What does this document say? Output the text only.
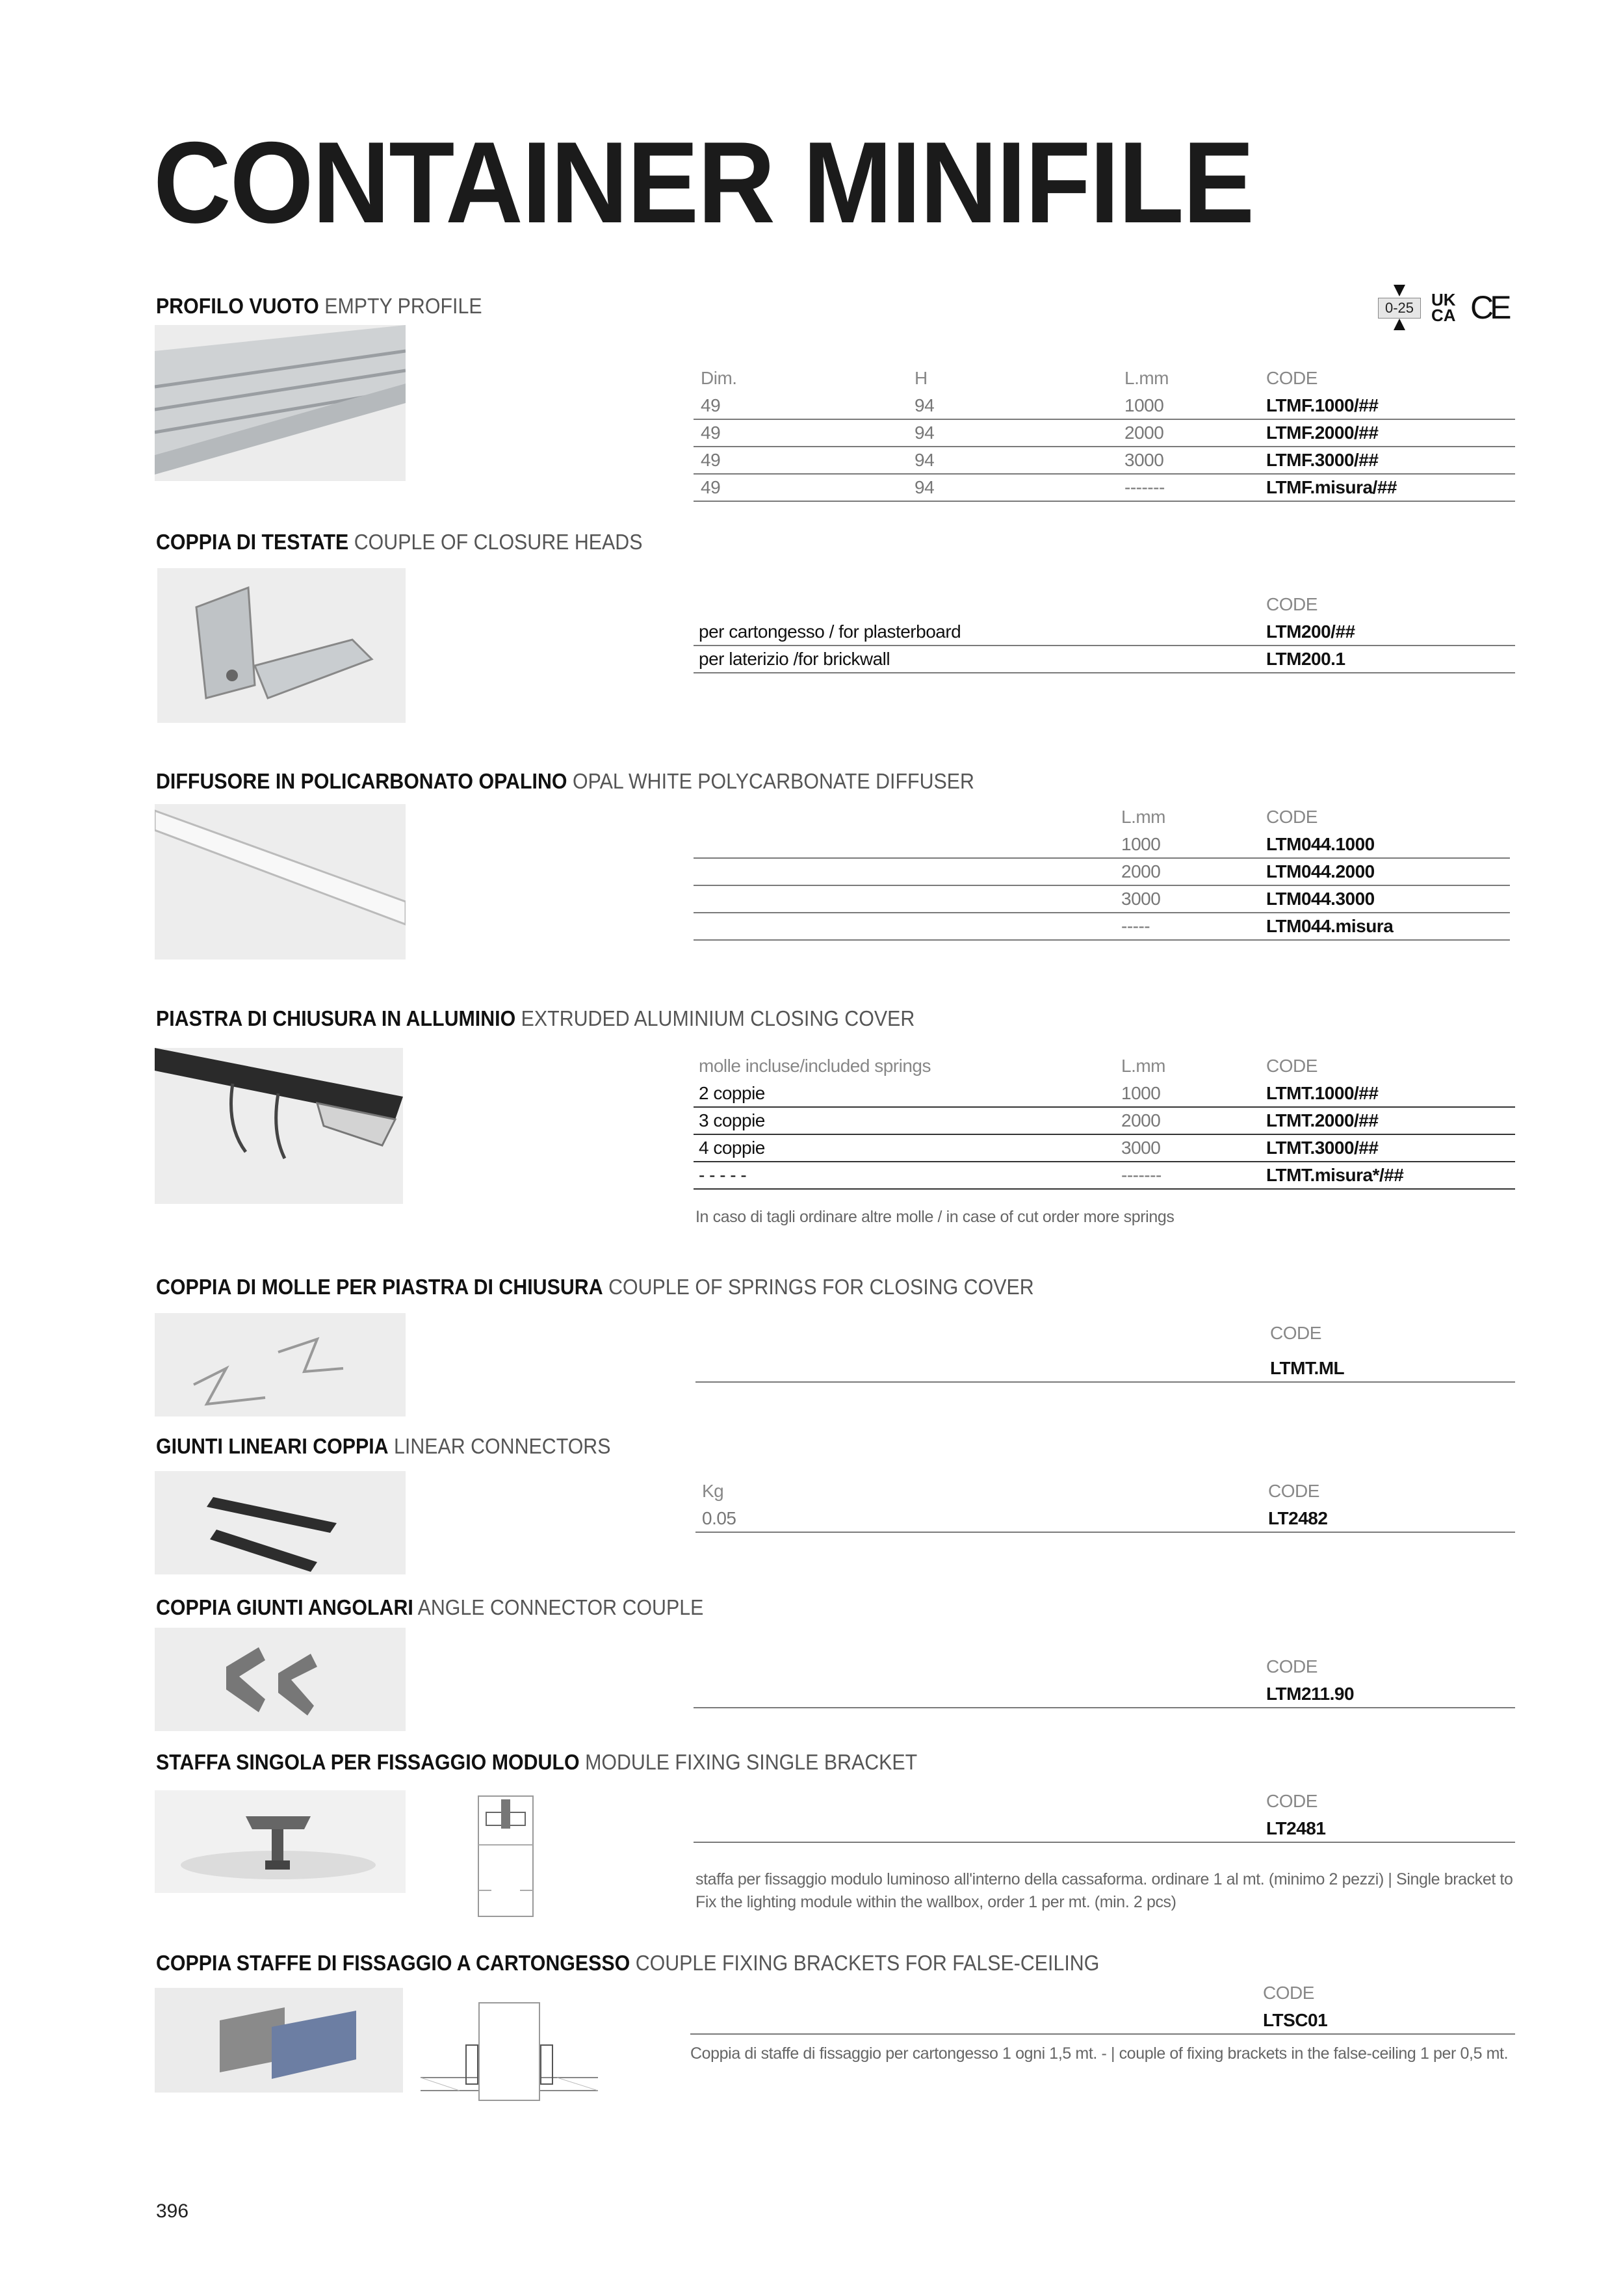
CONTAINER MINIFILE
0-25	UK
CA CE
PROFILO VUOTO EMPTY PROFILE
Dim.	H	L.mm	CODE
49	94	1000	LTMF.1000/##
49	94	2000	LTMF.2000/##
49	94	3000	LTMF.3000/##
49	94	-------	LTMF.misura/##
COPPIA DI TESTATE COUPLE OF CLOSURE HEADS
CODE
per cartongesso / for plasterboard	LTM200/##
per laterizio /for brickwall	LTM200.1
DIFFUSORE IN POLICARBONATO OPALINO OPAL WHITE POLYCARBONATE DIFFUSER
L.mm	CODE
1000	LTM044.1000
2000	LTM044.2000
3000	LTM044.3000
-----	LTM044.misura
PIASTRA DI CHIUSURA IN ALLUMINIO EXTRUDED ALUMINIUM CLOSING COVER
molle incluse/included springs	L.mm	CODE
2 coppie	1000	LTMT.1000/##
3 coppie	2000	LTMT.2000/##
4 coppie	3000	LTMT.3000/##
- - - - -	-------	LTMT.misura*/##
In caso di tagli ordinare altre molle / in case of cut order more springs
COPPIA DI MOLLE PER PIASTRA DI CHIUSURA COUPLE OF SPRINGS FOR CLOSING COVER
CODE
LTMT.ML
GIUNTI LINEARI COPPIA LINEAR CONNECTORS
Kg	CODE
0.05	LT2482
COPPIA GIUNTI ANGOLARI ANGLE CONNECTOR COUPLE
CODE
LTM211.90
STAFFA SINGOLA PER FISSAGGIO MODULO MODULE FIXING SINGLE BRACKET
CODE
LT2481
staffa per fissaggio modulo luminoso all'interno della cassaforma. ordinare 1 al mt. (minimo 2 pezzi) | Single bracket to Fix the lighting module within the wallbox, order 1 per mt. (min. 2 pcs)
COPPIA STAFFE DI FISSAGGIO A CARTONGESSO COUPLE FIXING BRACKETS FOR FALSE-CEILING
CODE
LTSC01
Coppia di staffe di fissaggio per cartongesso 1 ogni 1,5 mt. - | couple of fixing brackets in the false-ceiling 1 per 0,5 mt.
396
